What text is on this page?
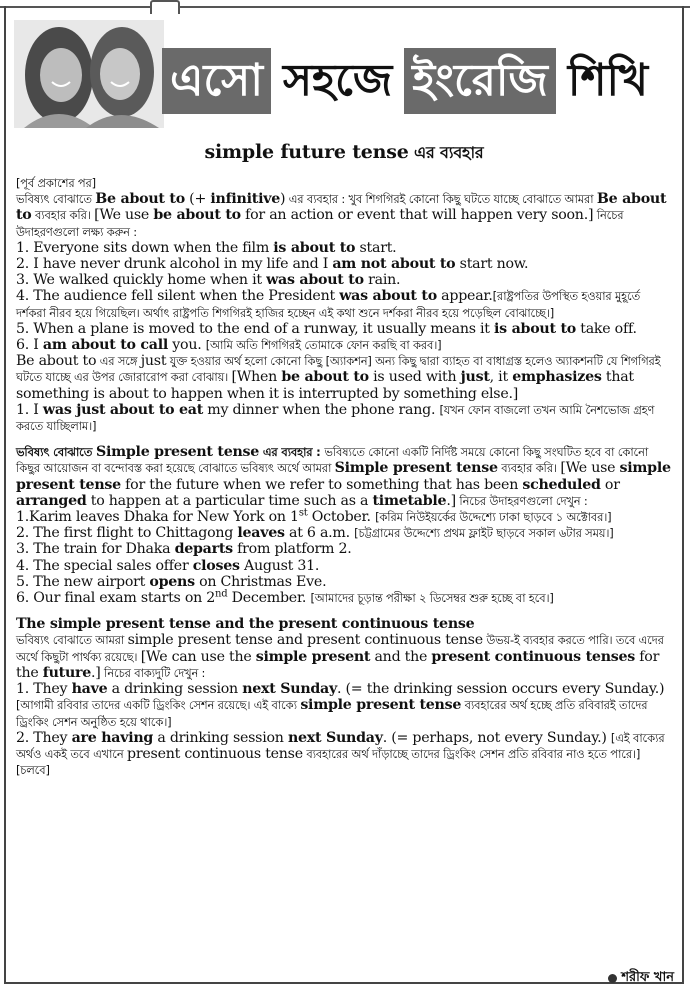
এসো সহজে ইংরেজি শিখি
simple future tense এর ব্যবহার

[পূর্ব প্রকাশের পর]

ভবিষ্যৎ বোঝাতে Be about to (+ infinitive) এর ব্যবহার : খুব শিগগিরই কোনো কিছু ঘটতে যাচ্ছে বোঝাতে আমরা Be about to ব্যবহার করি। [We use be about to for an action or event that will happen very soon.] নিচের উদাহরণগুলো লক্ষ্য করুন :

1. Everyone sits down when the film is about to start.

2. I have never drunk alcohol in my life and I am not about to start now.

3. We walked quickly home when it was about to rain.

4. The audience fell silent when the President was about to appear.[রাষ্ট্রপতির উপস্থিত হওয়ার মুহূর্তে দর্শকরা নীরব হয়ে গিয়েছিল। অর্থাৎ রাষ্ট্রপতি শিগগিরই হাজির হচ্ছেন এই কথা শুনে দর্শকরা নীরব হয়ে পড়েছিল বোঝাচ্ছে।]

5. When a plane is moved to the end of a runway, it usually means it is about to take off.

6. I am about to call you. [আমি অতি শিগগিরই তোমাকে ফোন করছি বা করব।]

Be about to এর সঙ্গে just যুক্ত হওয়ার অর্থ হলো কোনো কিছু [অ্যাকশন] অন্য কিছু দ্বারা ব্যাহত বা বাধাগ্রস্ত হলেও অ্যাকশনটি যে শিগগিরই ঘটতে যাচ্ছে এর উপর জোরারোপ করা বোঝায়। [When be about to is used with just, it emphasizes that something is about to happen when it is interrupted by something else.]

1. I was just about to eat my dinner when the phone rang. [যখন ফোন বাজলো তখন আমি নৈশভোজ গ্রহণ করতে যাচ্ছিলাম।]

ভবিষ্যৎ বোঝাতে Simple present tense এর ব্যবহার : ভবিষ্যতে কোনো একটি নির্দিষ্ট সময়ে কোনো কিছু সংঘটিত হবে বা কোনো কিছুর আয়োজন বা বন্দোবস্ত করা হয়েছে বোঝাতে ভবিষ্যৎ অর্থে আমরা Simple present tense ব্যবহার করি। [We use simple present tense for the future when we refer to something that has been scheduled or arranged to happen at a particular time such as a timetable.] নিচের উদাহরণগুলো দেখুন :

1.Karim leaves Dhaka for New York on 1st October. [করিম নিউইয়র্কের উদ্দেশ্যে ঢাকা ছাড়বে ১ অক্টোবর।]

2. The first flight to Chittagong leaves at 6 a.m. [চট্টগ্রামের উদ্দেশ্যে প্রথম ফ্লাইট ছাড়বে সকাল ৬টার সময়।]

3. The train for Dhaka departs from platform 2.

4. The special sales offer closes August 31.

5. The new airport opens on Christmas Eve.

6. Our final exam starts on 2nd December. [আমাদের চূড়ান্ত পরীক্ষা ২ ডিসেম্বর শুরু হচ্ছে বা হবে।]

The simple present tense and the present continuous tense

ভবিষ্যৎ বোঝাতে আমরা simple present tense and present continuous tense উভয়-ই ব্যবহার করতে পারি। তবে এদের অর্থে কিছুটা পার্থক্য রয়েছে। [We can use the simple present and the present continuous tenses for the future.] নিচের বাক্যদুটি দেখুন :

1. They have a drinking session next Sunday. (= the drinking session occurs every Sunday.) [আগামী রবিবার তাদের একটি ড্রিংকিং সেশন রয়েছে। এই বাক্যে simple present tense ব্যবহারের অর্থ হচ্ছে প্রতি রবিবারই তাদের ড্রিংকিং সেশন অনুষ্ঠিত হয়ে থাকে।]

2. They are having a drinking session next Sunday. (= perhaps, not every Sunday.) [এই বাক্যের অর্থও একই তবে এখানে present continuous tense ব্যবহারের অর্থ দাঁড়াচ্ছে তাদের ড্রিংকিং সেশন প্রতি রবিবার নাও হতে পারে।] [চলবে]

শরীফ খান
